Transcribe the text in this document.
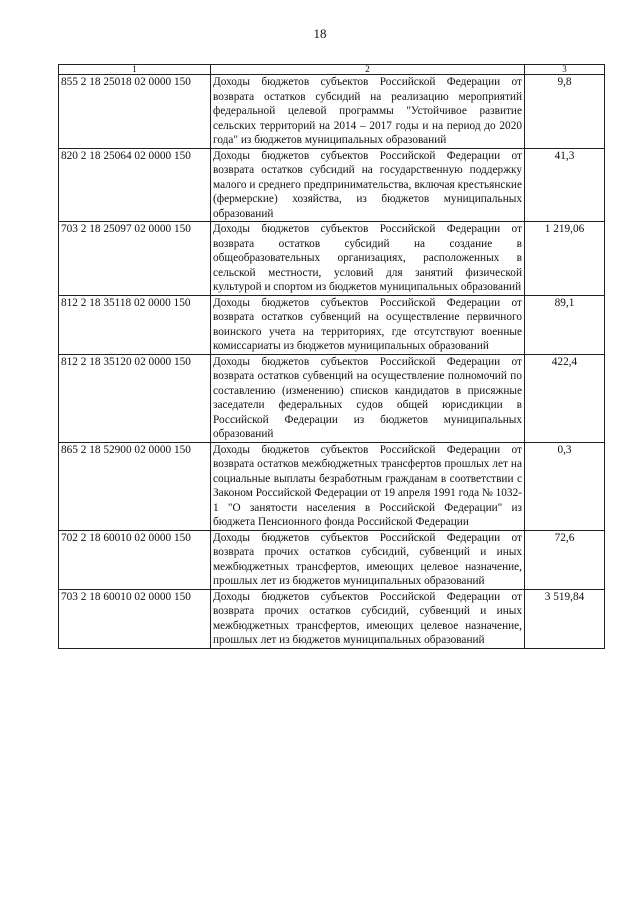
18
1	2	3
855 2 18 25018 02 0000 150	Доходы бюджетов субъектов Российской Федерации от возврата остатков субсидий на реализацию мероприятий федеральной целевой программы "Устойчивое развитие сельских территорий на 2014 – 2017 годы и на период до 2020 года" из бюджетов муниципальных образований	9,8
820 2 18 25064 02 0000 150	Доходы бюджетов субъектов Российской Федерации от возврата остатков субсидий на государственную поддержку малого и среднего предпринимательства, включая крестьянские (фермерские) хозяйства, из бюджетов муниципальных образований	41,3
703 2 18 25097 02 0000 150	Доходы бюджетов субъектов Российской Федерации от возврата остатков субсидий на создание в общеобразовательных организациях, расположенных в сельской местности, условий для занятий физической культурой и спортом из бюджетов муниципальных образований	1 219,06
812 2 18 35118 02 0000 150	Доходы бюджетов субъектов Российской Федерации от возврата остатков субвенций на осуществление первичного воинского учета на территориях, где отсутствуют военные комиссариаты из бюджетов муниципальных образований	89,1
812 2 18 35120 02 0000 150	Доходы бюджетов субъектов Российской Федерации от возврата остатков субвенций на осуществление полномочий по составлению (изменению) списков кандидатов в присяжные заседатели федеральных судов общей юрисдикции в Российской Федерации из бюджетов муниципальных образований	422,4
865 2 18 52900 02 0000 150	Доходы бюджетов субъектов Российской Федерации от возврата остатков межбюджетных трансфертов прошлых лет на социальные выплаты безработным гражданам в соответствии с Законом Российской Федерации от 19 апреля 1991 года № 1032-1 "О занятости населения в Российской Федерации" из бюджета Пенсионного фонда Российской Федерации	0,3
702 2 18 60010 02 0000 150	Доходы бюджетов субъектов Российской Федерации от возврата прочих остатков субсидий, субвенций и иных межбюджетных трансфертов, имеющих целевое назначение, прошлых лет из бюджетов муниципальных образований	72,6
703 2 18 60010 02 0000 150	Доходы бюджетов субъектов Российской Федерации от возврата прочих остатков субсидий, субвенций и иных межбюджетных трансфертов, имеющих целевое назначение, прошлых лет из бюджетов муниципальных образований	3 519,84
